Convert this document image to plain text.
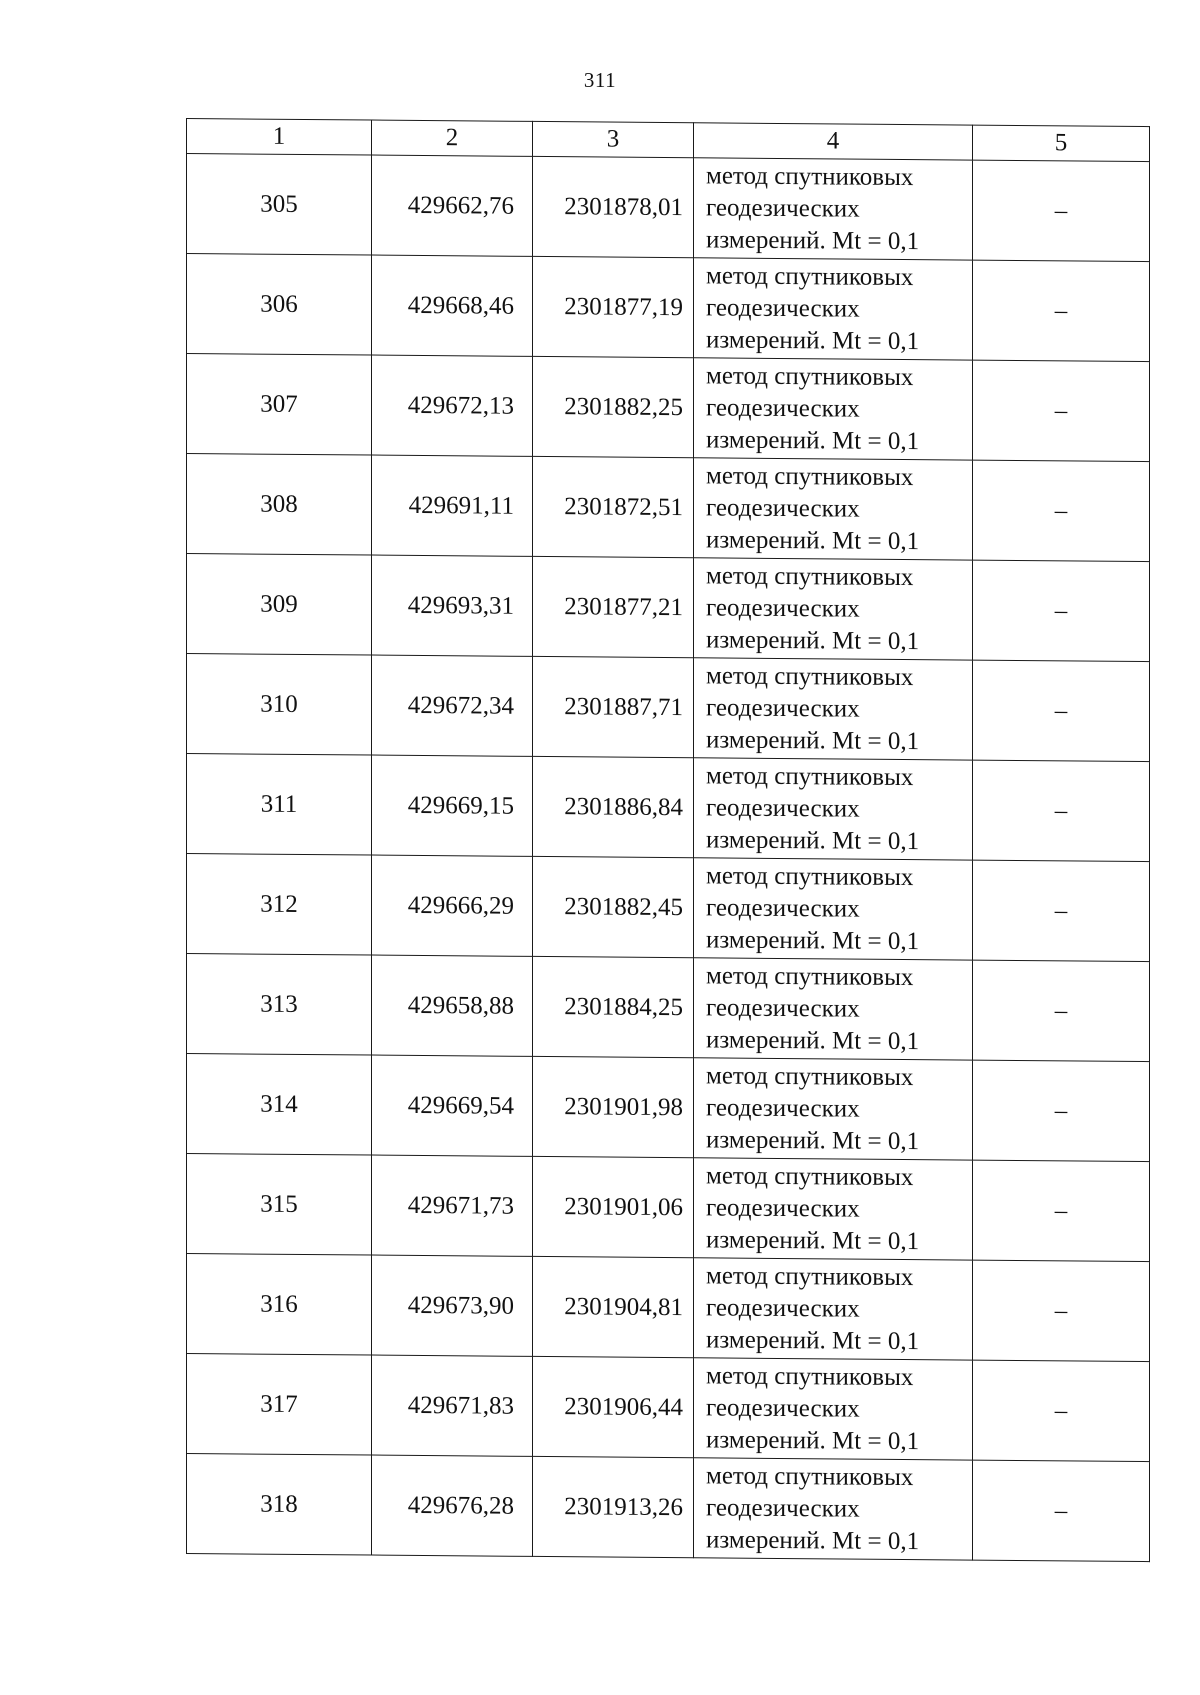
311
1	2	3	4	5
305	429662,76	2301878,01	метод спутниковых
геодезических
измерений. Mt = 0,1	–
306	429668,46	2301877,19	метод спутниковых
геодезических
измерений. Mt = 0,1	–
307	429672,13	2301882,25	метод спутниковых
геодезических
измерений. Mt = 0,1	–
308	429691,11	2301872,51	метод спутниковых
геодезических
измерений. Mt = 0,1	–
309	429693,31	2301877,21	метод спутниковых
геодезических
измерений. Mt = 0,1	–
310	429672,34	2301887,71	метод спутниковых
геодезических
измерений. Mt = 0,1	–
311	429669,15	2301886,84	метод спутниковых
геодезических
измерений. Mt = 0,1	–
312	429666,29	2301882,45	метод спутниковых
геодезических
измерений. Mt = 0,1	–
313	429658,88	2301884,25	метод спутниковых
геодезических
измерений. Mt = 0,1	–
314	429669,54	2301901,98	метод спутниковых
геодезических
измерений. Mt = 0,1	–
315	429671,73	2301901,06	метод спутниковых
геодезических
измерений. Mt = 0,1	–
316	429673,90	2301904,81	метод спутниковых
геодезических
измерений. Mt = 0,1	–
317	429671,83	2301906,44	метод спутниковых
геодезических
измерений. Mt = 0,1	–
318	429676,28	2301913,26	метод спутниковых
геодезических
измерений. Mt = 0,1	–
